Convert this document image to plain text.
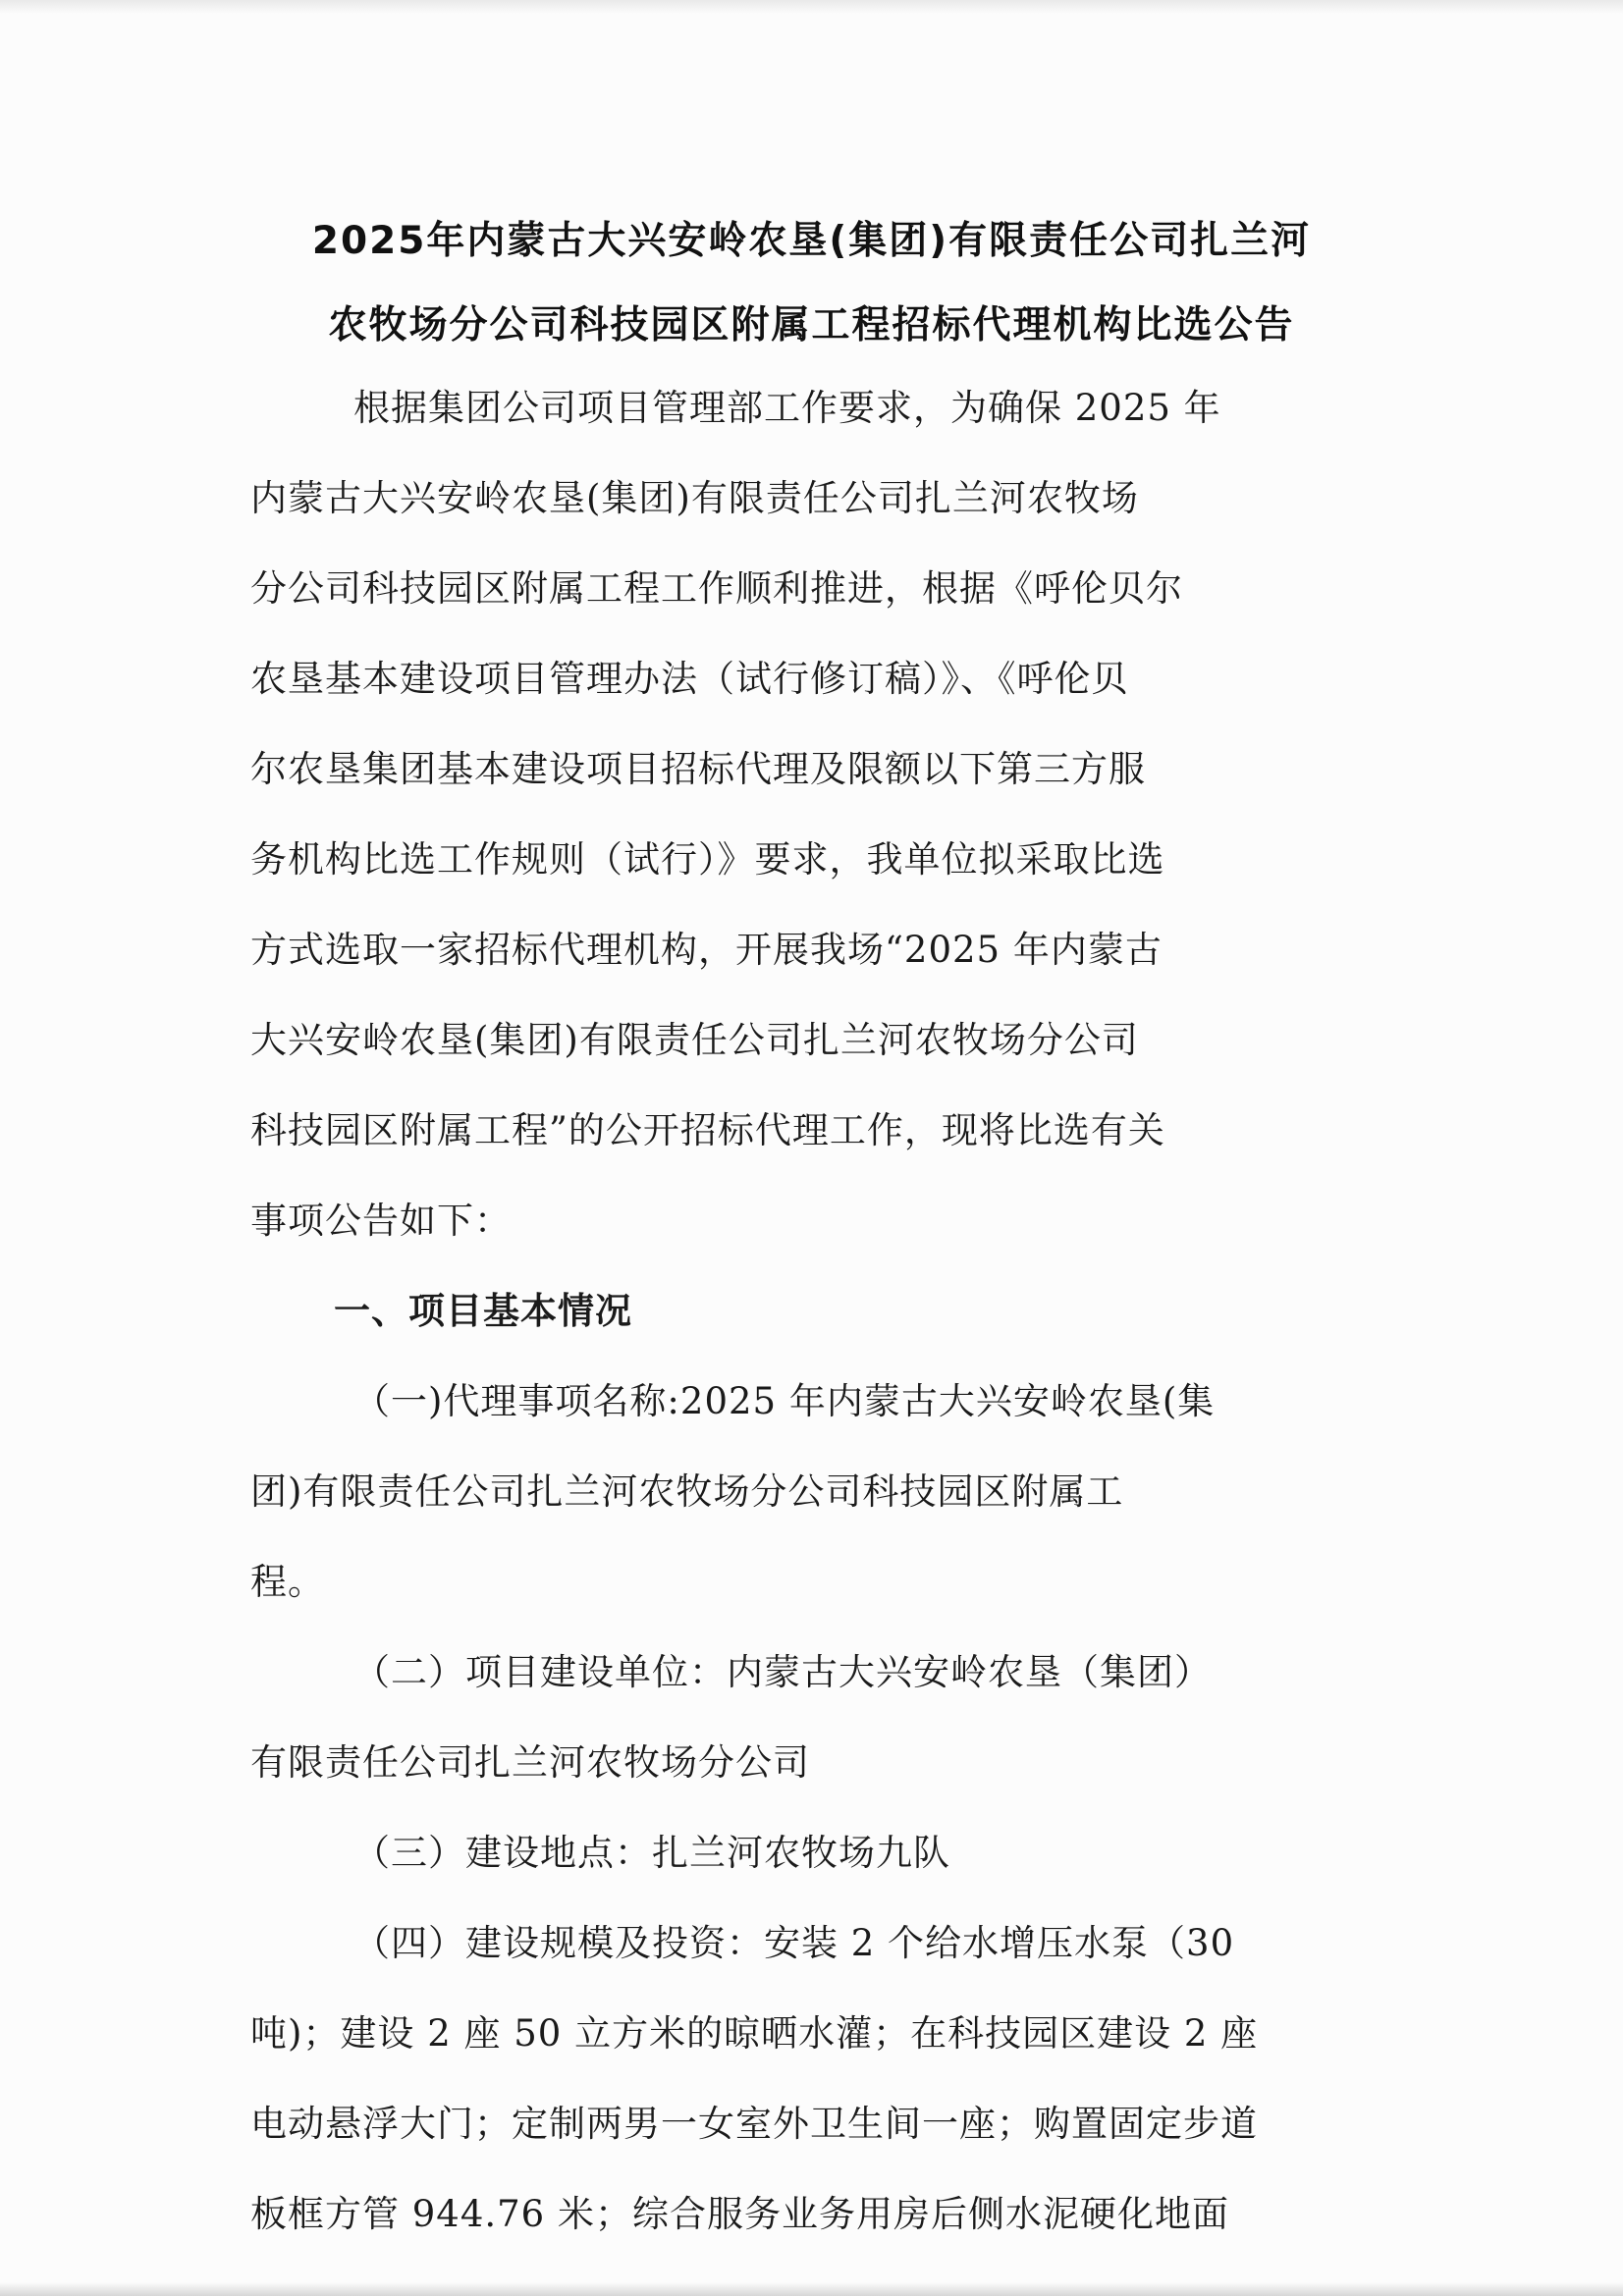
2025年内蒙古大兴安岭农垦(集团)有限责任公司扎兰河
农牧场分公司科技园区附属工程招标代理机构比选公告
根据集团公司项目管理部工作要求，为确保 2025 年
内蒙古大兴安岭农垦(集团)有限责任公司扎兰河农牧场
分公司科技园区附属工程工作顺利推进，根据《呼伦贝尔
农垦基本建设项目管理办法（试行修订稿）》、《呼伦贝
尔农垦集团基本建设项目招标代理及限额以下第三方服
务机构比选工作规则（试行）》要求，我单位拟采取比选
方式选取一家招标代理机构，开展我场“2025 年内蒙古
大兴安岭农垦(集团)有限责任公司扎兰河农牧场分公司
科技园区附属工程”的公开招标代理工作，现将比选有关
事项公告如下：
一、项目基本情况
（一)代理事项名称:2025 年内蒙古大兴安岭农垦(集
团)有限责任公司扎兰河农牧场分公司科技园区附属工
程。
（二）项目建设单位：内蒙古大兴安岭农垦（集团）
有限责任公司扎兰河农牧场分公司
（三）建设地点：扎兰河农牧场九队
（四）建设规模及投资：安装 2 个给水增压水泵（30
吨)；建设 2 座 50 立方米的晾晒水灌；在科技园区建设 2 座
电动悬浮大门；定制两男一女室外卫生间一座；购置固定步道
板框方管 944.76 米；综合服务业务用房后侧水泥硬化地面
